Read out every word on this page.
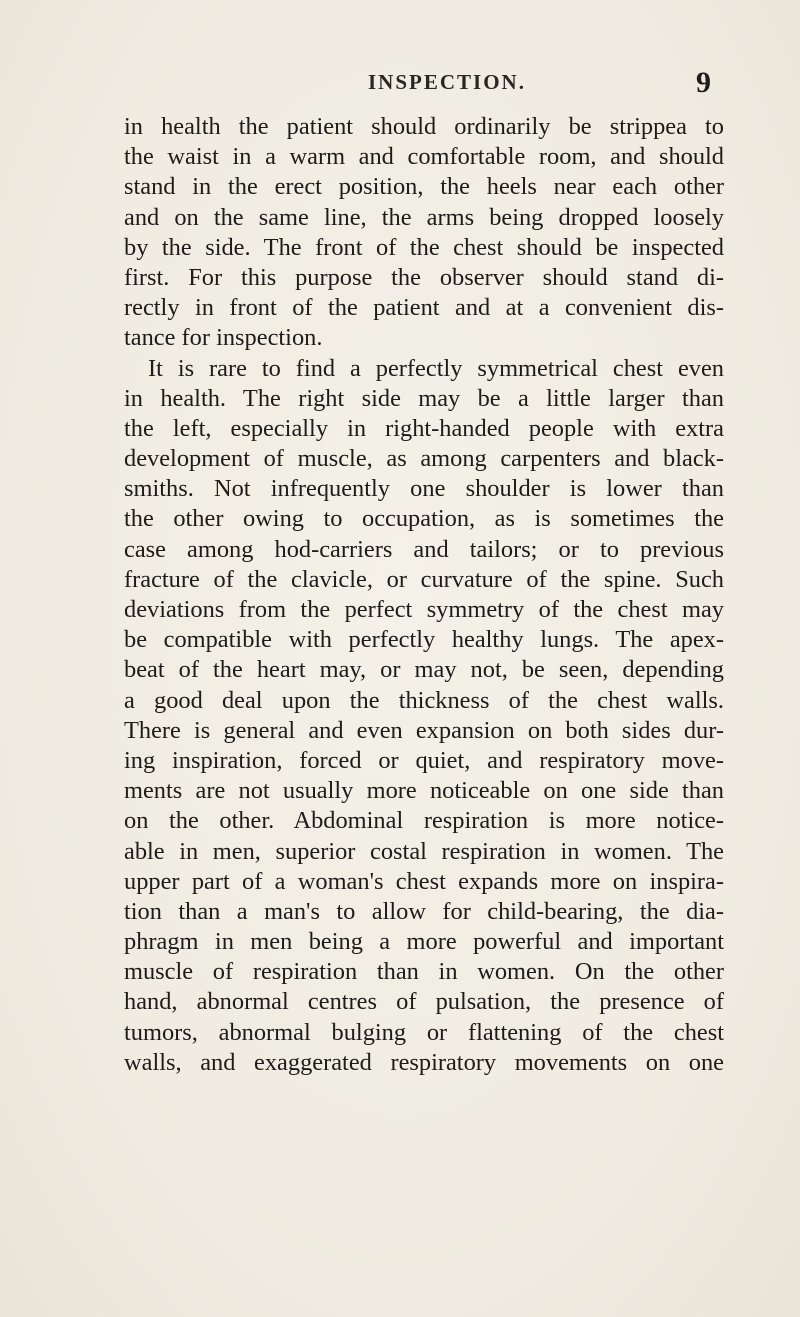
INSPECTION.	9
in health the patient should ordinarily be strippea to
the waist in a warm and comfortable room, and should
stand in the erect position, the heels near each other
and on the same line, the arms being dropped loosely
by the side. The front of the chest should be inspected
first. For this purpose the observer should stand di-
rectly in front of the patient and at a convenient dis-
tance for inspection.
It is rare to find a perfectly symmetrical chest even
in health. The right side may be a little larger than
the left, especially in right-handed people with extra
development of muscle, as among carpenters and black-
smiths. Not infrequently one shoulder is lower than
the other owing to occupation, as is sometimes the
case among hod-carriers and tailors; or to previous
fracture of the clavicle, or curvature of the spine. Such
deviations from the perfect symmetry of the chest may
be compatible with perfectly healthy lungs. The apex-
beat of the heart may, or may not, be seen, depending
a good deal upon the thickness of the chest walls.
There is general and even expansion on both sides dur-
ing inspiration, forced or quiet, and respiratory move-
ments are not usually more noticeable on one side than
on the other. Abdominal respiration is more notice-
able in men, superior costal respiration in women. The
upper part of a woman's chest expands more on inspira-
tion than a man's to allow for child-bearing, the dia-
phragm in men being a more powerful and important
muscle of respiration than in women. On the other
hand, abnormal centres of pulsation, the presence of
tumors, abnormal bulging or flattening of the chest
walls, and exaggerated respiratory movements on one
